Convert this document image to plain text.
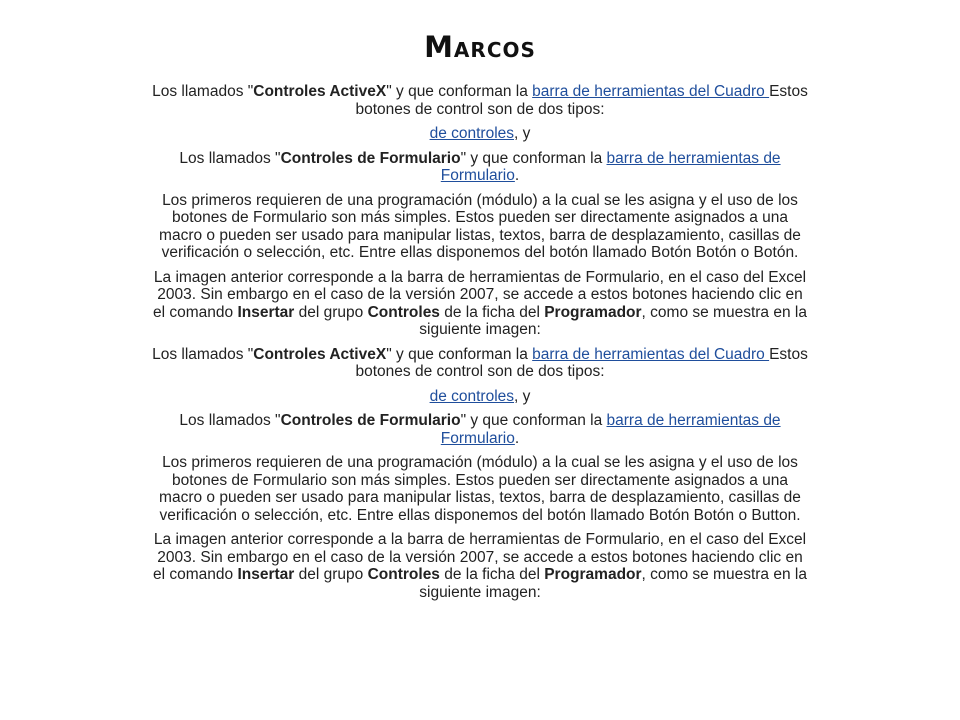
Marcos

Los llamados "Controles ActiveX" y que conforman la barra de herramientas del Cuadro Estos botones de control son de dos tipos:

de controles, y

Los llamados "Controles de Formulario" y que conforman la barra de herramientas de Formulario.

Los primeros requieren de una programación (módulo) a la cual se les asigna y el uso de los botones de Formulario son más simples. Estos pueden ser directamente asignados a una macro o pueden ser usado para manipular listas, textos, barra de desplazamiento, casillas de verificación o selección, etc. Entre ellas disponemos del botón llamado Botón Botón o Botón.

La imagen anterior corresponde a la barra de herramientas de Formulario, en el caso del Excel 2003. Sin embargo en el caso de la versión 2007, se accede a estos botones haciendo clic en el comando Insertar del grupo Controles de la ficha del Programador, como se muestra en la siguiente imagen:

Los llamados "Controles ActiveX" y que conforman la barra de herramientas del Cuadro Estos botones de control son de dos tipos:

de controles, y

Los llamados "Controles de Formulario" y que conforman la barra de herramientas de Formulario.

Los primeros requieren de una programación (módulo) a la cual se les asigna y el uso de los botones de Formulario son más simples. Estos pueden ser directamente asignados a una macro o pueden ser usado para manipular listas, textos, barra de desplazamiento, casillas de verificación o selección, etc. Entre ellas disponemos del botón llamado Botón Botón o Button.

La imagen anterior corresponde a la barra de herramientas de Formulario, en el caso del Excel 2003. Sin embargo en el caso de la versión 2007, se accede a estos botones haciendo clic en el comando Insertar del grupo Controles de la ficha del Programador, como se muestra en la siguiente imagen:
